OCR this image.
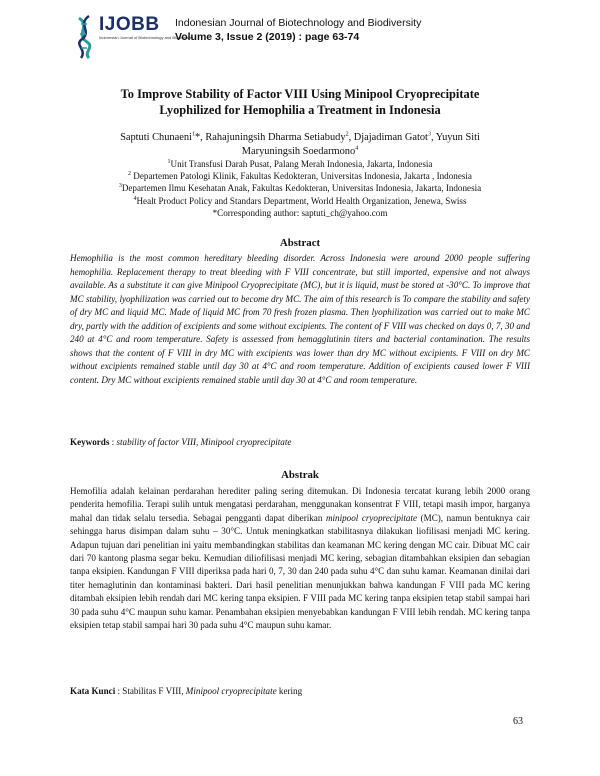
IJOBB
Indonesian Journal of Biotechnology and Biodiversity
Indonesian Journal of Biotechnology and Biodiversity
Volume 3, Issue 2 (2019) : page 63-74
To Improve Stability of Factor VIII Using Minipool Cryoprecipitate
Lyophilized for Hemophilia a Treatment in Indonesia
Saptuti Chunaeni$^1$*, Rahajuningsih Dharma Setiabudy$^2$, Djajadiman Gatot$^3$, Yuyun Siti
Maryuningsih Soedarmono$^4$
$^1$Unit Transfusi Darah Pusat, Palang Merah Indonesia, Jakarta, Indonesia
$^2$ Departemen Patologi Klinik, Fakultas Kedokteran, Universitas Indonesia, Jakarta , Indonesia
$^3$Departemen Ilmu Kesehatan Anak, Fakultas Kedokteran, Universitas Indonesia, Jakarta, Indonesia
$^4$Healt Product Policy and Standars Department, World Health Organization, Jenewa, Swiss
*Corresponding author: saptuti_ch@yahoo.com
Abstract
Hemophilia is the most common hereditary bleeding disorder. Across Indonesia were around 2000 people suffering hemophilia. Replacement therapy to treat bleeding with F VIII concentrate, but still imported, expensive and not always available. As a substitute it can give Minipool Cryoprecipitate (MC), but it is liquid, must be stored at -30°C. To improve that MC stability, lyophilization was carried out to become dry MC. The aim of this research is To compare the stability and safety of dry MC and liquid MC. Made of liquid MC from 70 fresh frozen plasma. Then lyophilization was carried out to make MC dry, partly with the addition of excipients and some without excipients. The content of F VIII was checked on days 0, 7, 30 and 240 at 4°C and room temperature. Safety is assessed from hemagglutinin titers and bacterial contamination. The results shows that the content of F VIII in dry MC with excipients was lower than dry MC without excipients. F VIII on dry MC without excipients remained stable until day 30 at 4°C and room temperature. Addition of excipients caused lower F VIII content. Dry MC without excipients remained stable until day 30 at 4°C and room temperature.
Keywords : stability of factor VIII, Minipool cryoprecipitate
Abstrak
Hemofilia adalah kelainan perdarahan herediter paling sering ditemukan. Di Indonesia tercatat kurang lebih 2000 orang penderita hemofilia. Terapi sulih untuk mengatasi perdarahan, menggunakan konsentrat F VIII, tetapi masih impor, harganya mahal dan tidak selalu tersedia. Sebagai pengganti dapat diberikan minipool cryoprecipitate (MC), namun bentuknya cair sehingga harus disimpan dalam suhu – 30°C. Untuk meningkatkan stabilitasnya dilakukan liofilisasi menjadi MC kering. Adapun tujuan dari penelitian ini yaitu membandingkan stabilitas dan keamanan MC kering dengan MC cair. Dibuat MC cair dari 70 kantong plasma segar beku. Kemudian diliofilisasi menjadi MC kering, sebagian ditambahkan eksipien dan sebagian tanpa eksipien. Kandungan F VIII diperiksa pada hari 0, 7, 30 dan 240 pada suhu 4°C dan suhu kamar. Keamanan dinilai dari titer hemaglutinin dan kontaminasi bakteri. Dari hasil penelitian menunjukkan bahwa kandungan F VIII pada MC kering ditambah eksipien lebih rendah dari MC kering tanpa eksipien. F VIII pada MC kering tanpa eksipien tetap stabil sampai hari 30 pada suhu 4°C maupun suhu kamar. Penambahan eksipien menyebabkan kandungan F VIII lebih rendah. MC kering tanpa eksipien tetap stabil sampai hari 30 pada suhu 4°C maupun suhu kamar.
Kata Kunci : Stabilitas F VIII, Minipool cryoprecipitate kering
63
